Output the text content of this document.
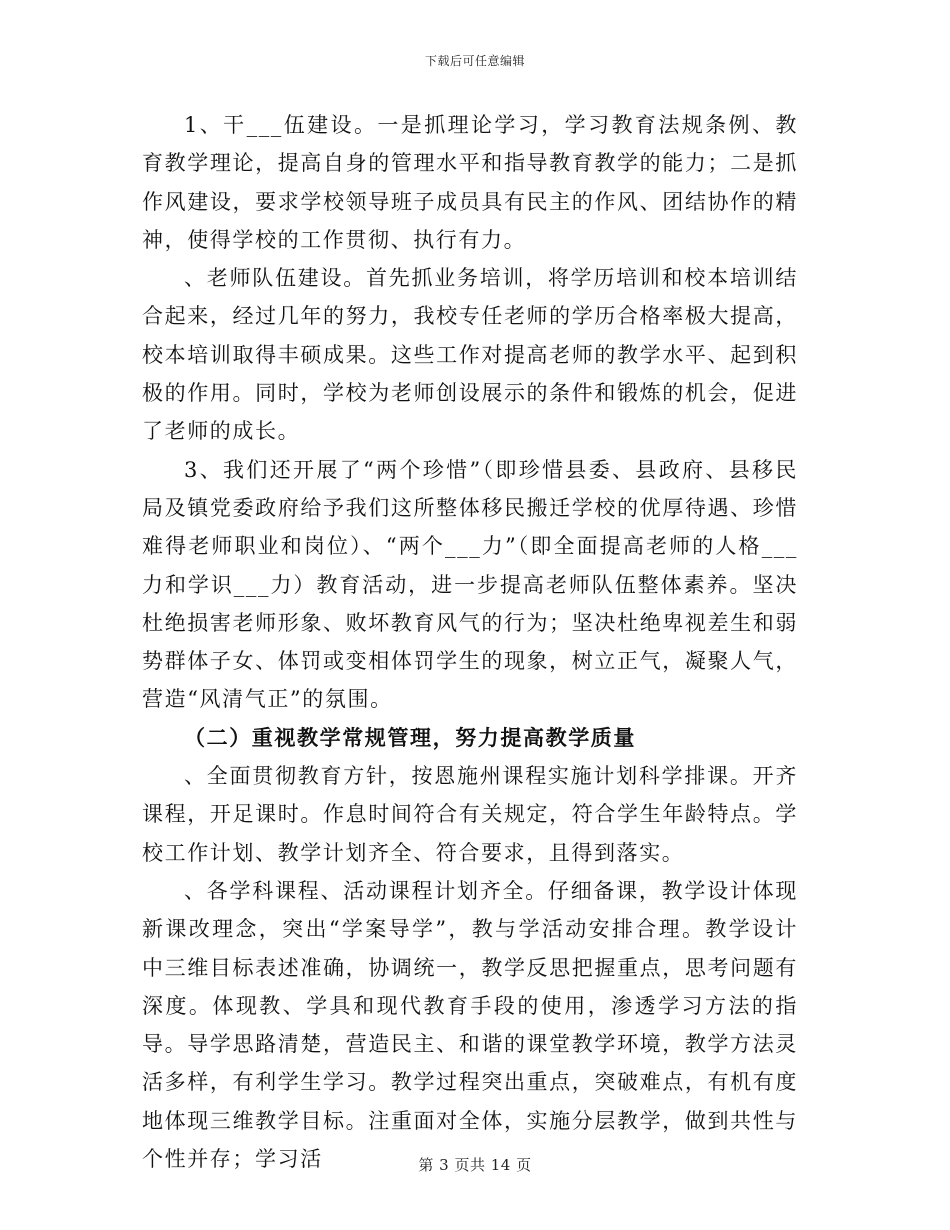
下载后可任意编辑

1、干___伍建设。一是抓理论学习，学习教育法规条例、教育教学理论，提高自身的管理水平和指导教育教学的能力；二是抓作风建设，要求学校领导班子成员具有民主的作风、团结协作的精神，使得学校的工作贯彻、执行有力。

、老师队伍建设。首先抓业务培训，将学历培训和校本培训结合起来，经过几年的努力，我校专任老师的学历合格率极大提高，校本培训取得丰硕成果。这些工作对提高老师的教学水平、起到积极的作用。同时，学校为老师创设展示的条件和锻炼的机会，促进了老师的成长。

3、我们还开展了“两个珍惜”（即珍惜县委、县政府、县移民局及镇党委政府给予我们这所整体移民搬迁学校的优厚待遇、珍惜难得老师职业和岗位）、“两个___力”（即全面提高老师的人格___力和学识___力）教育活动，进一步提高老师队伍整体素养。坚决杜绝损害老师形象、败坏教育风气的行为；坚决杜绝卑视差生和弱势群体子女、体罚或变相体罚学生的现象，树立正气，凝聚人气，营造“风清气正”的氛围。

（二）重视教学常规管理，努力提高教学质量

、全面贯彻教育方针，按恩施州课程实施计划科学排课。开齐课程，开足课时。作息时间符合有关规定，符合学生年龄特点。学校工作计划、教学计划齐全、符合要求，且得到落实。

、各学科课程、活动课程计划齐全。仔细备课，教学设计体现新课改理念，突出“学案导学”，教与学活动安排合理。教学设计中三维目标表述准确，协调统一，教学反思把握重点，思考问题有深度。体现教、学具和现代教育手段的使用，渗透学习方法的指导。导学思路清楚，营造民主、和谐的课堂教学环境，教学方法灵活多样，有利学生学习。教学过程突出重点，突破难点，有机有度地体现三维教学目标。注重面对全体，实施分层教学，做到共性与个性并存；学习活	第 3 页共 14 页
